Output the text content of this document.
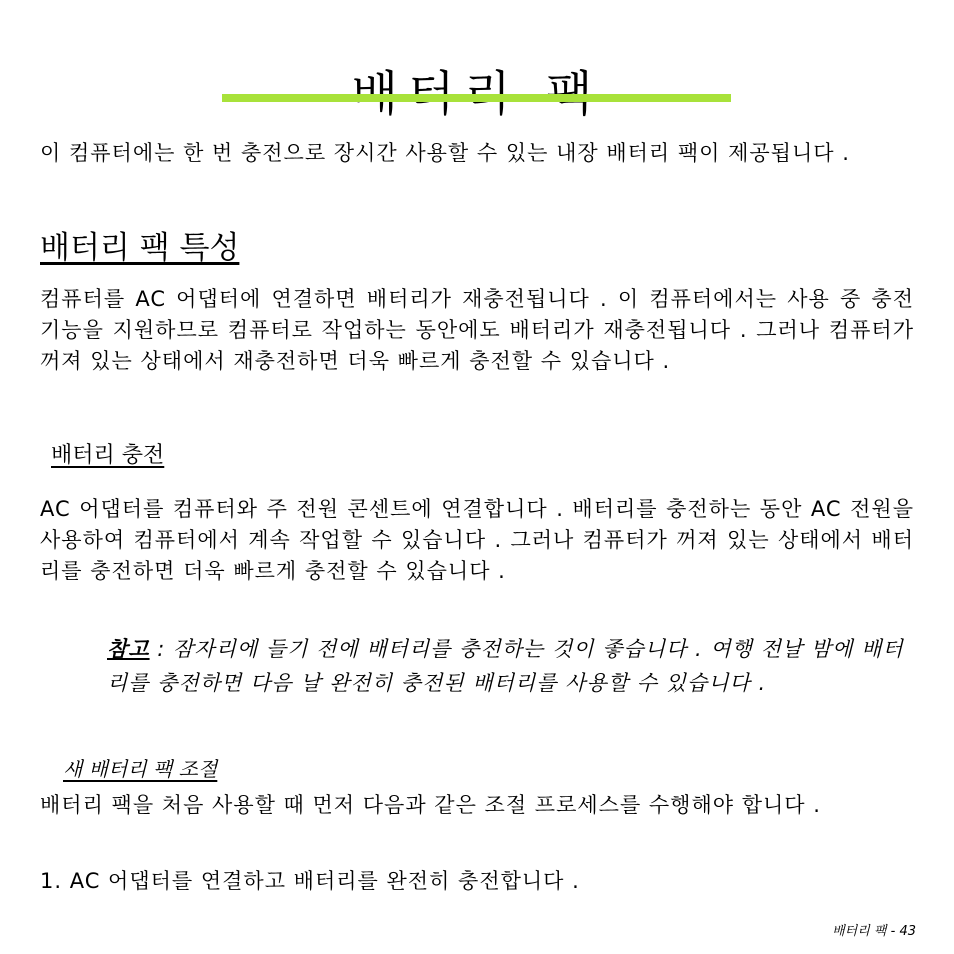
이 컴퓨터에는 한 번 충전으로 장시간 사용할 수 있는 내장 배터리 팩이 제공됩니다 .

배터리 팩 특성

컴퓨터를 AC 어댑터에 연결하면 배터리가 재충전됩니다 . 이 컴퓨터에서는 사용 중 충전 기능을 지원하므로 컴퓨터로 작업하는 동안에도 배터리가 재충전됩니다 . 그러나 컴퓨터가 꺼져 있는 상태에서 재충전하면 더욱 빠르게 충전할 수 있습니다 .

배터리 충전

AC 어댑터를 컴퓨터와 주 전원 콘센트에 연결합니다 . 배터리를 충전하는 동안 AC 전원을 사용하여 컴퓨터에서 계속 작업할 수 있습니다 . 그러나 컴퓨터가 꺼져 있는 상태에서 배터리를 충전하면 더욱 빠르게 충전할 수 있습니다 .

참고 : 잠자리에 들기 전에 배터리를 충전하는 것이 좋습니다 . 여행 전날 밤에 배터리를 충전하면 다음 날 완전히 충전된 배터리를 사용할 수 있습니다 .

새 배터리 팩 조절

배터리 팩을 처음 사용할 때 먼저 다음과 같은 조절 프로세스를 수행해야 합니다 .

1. AC 어댑터를 연결하고 배터리를 완전히 충전합니다 .

배터리 팩 - 43
